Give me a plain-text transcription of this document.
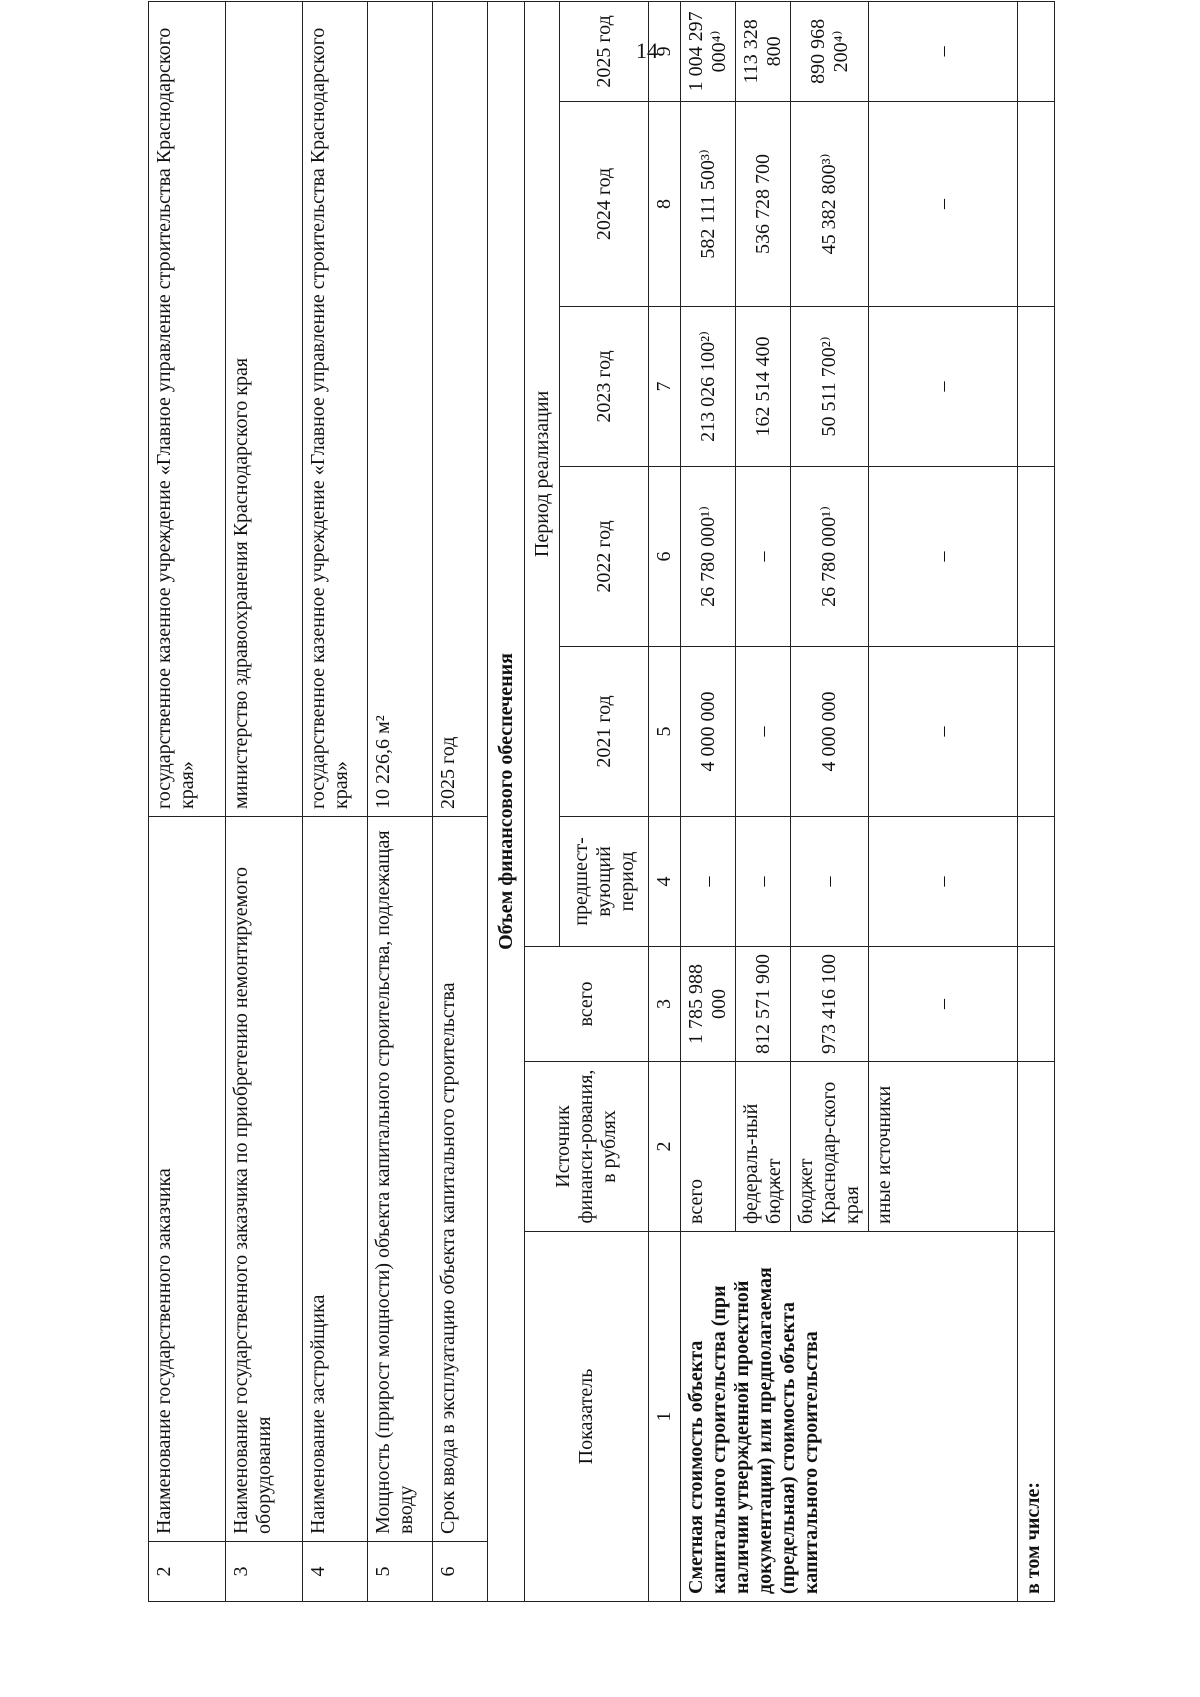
14
2	Наименование государственного заказчика				государственное казенное учреждение «Главное управление строительства Краснодарского края»				
3	Наименование государственного заказчика по приобретению немонтируемого оборудования				министерство здравоохранения Краснодарского края				
4	Наименование застройщика				государственное казенное учреждение «Главное управление строительства Краснодарского края»				
5	Мощность (прирост мощности) объекта капитального строительства, подлежащая вводу				10 226,6 м²				
6	Срок ввода в эксплуатацию объекта капитального строительства				2025 год				
Объем финансового обеспечения									
Показатель		Источник финанси-рования, в рублях	всего	Период реализации					
				предшест-вующий период	2021 год	2022 год	2023 год	2024 год	2025 год
1		2	3	4	5	6	7	8	9
Сметная стоимость объекта капитального строительства (при наличии утвержденной проектной документации) или предполагаемая (предельная) стоимость объекта капитального строительства		всего	1 785 988 000	–	4 000 000	26 780 000¹⁾	213 026 100²⁾	582 111 500³⁾	1 004 297 000⁴⁾
		федераль-ный бюджет	812 571 900	–	–	–	162 514 400	536 728 700	113 328 800
		бюджет Краснодар-ского края	973 416 100	–	4 000 000	26 780 000¹⁾	50 511 700²⁾	45 382 800³⁾	890 968 200⁴⁾
		иные источники	–	–	–	–	–	–	–
в том числе:									
